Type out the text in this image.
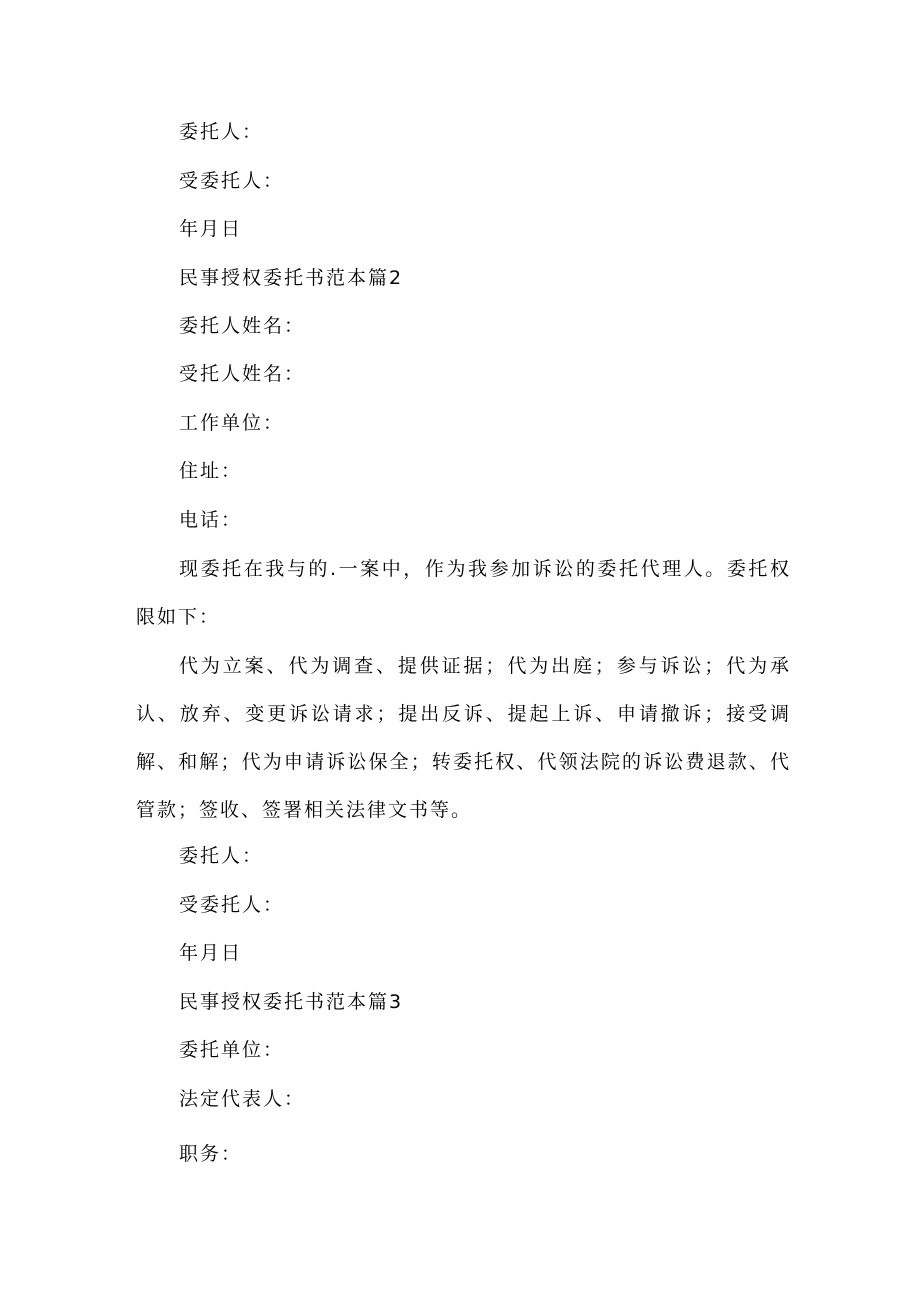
委托人：
受委托人：
年月日
民事授权委托书范本篇2
委托人姓名：
受托人姓名：
工作单位：
住址：
电话：
现委托在我与的.一案中，作为我参加诉讼的委托代理人。委托权限如下：
代为立案、代为调查、提供证据；代为出庭；参与诉讼；代为承认、放弃、变更诉讼请求；提出反诉、提起上诉、申请撤诉；接受调解、和解；代为申请诉讼保全；转委托权、代领法院的诉讼费退款、代管款；签收、签署相关法律文书等。
委托人：
受委托人：
年月日
民事授权委托书范本篇3
委托单位：
法定代表人：
职务：
